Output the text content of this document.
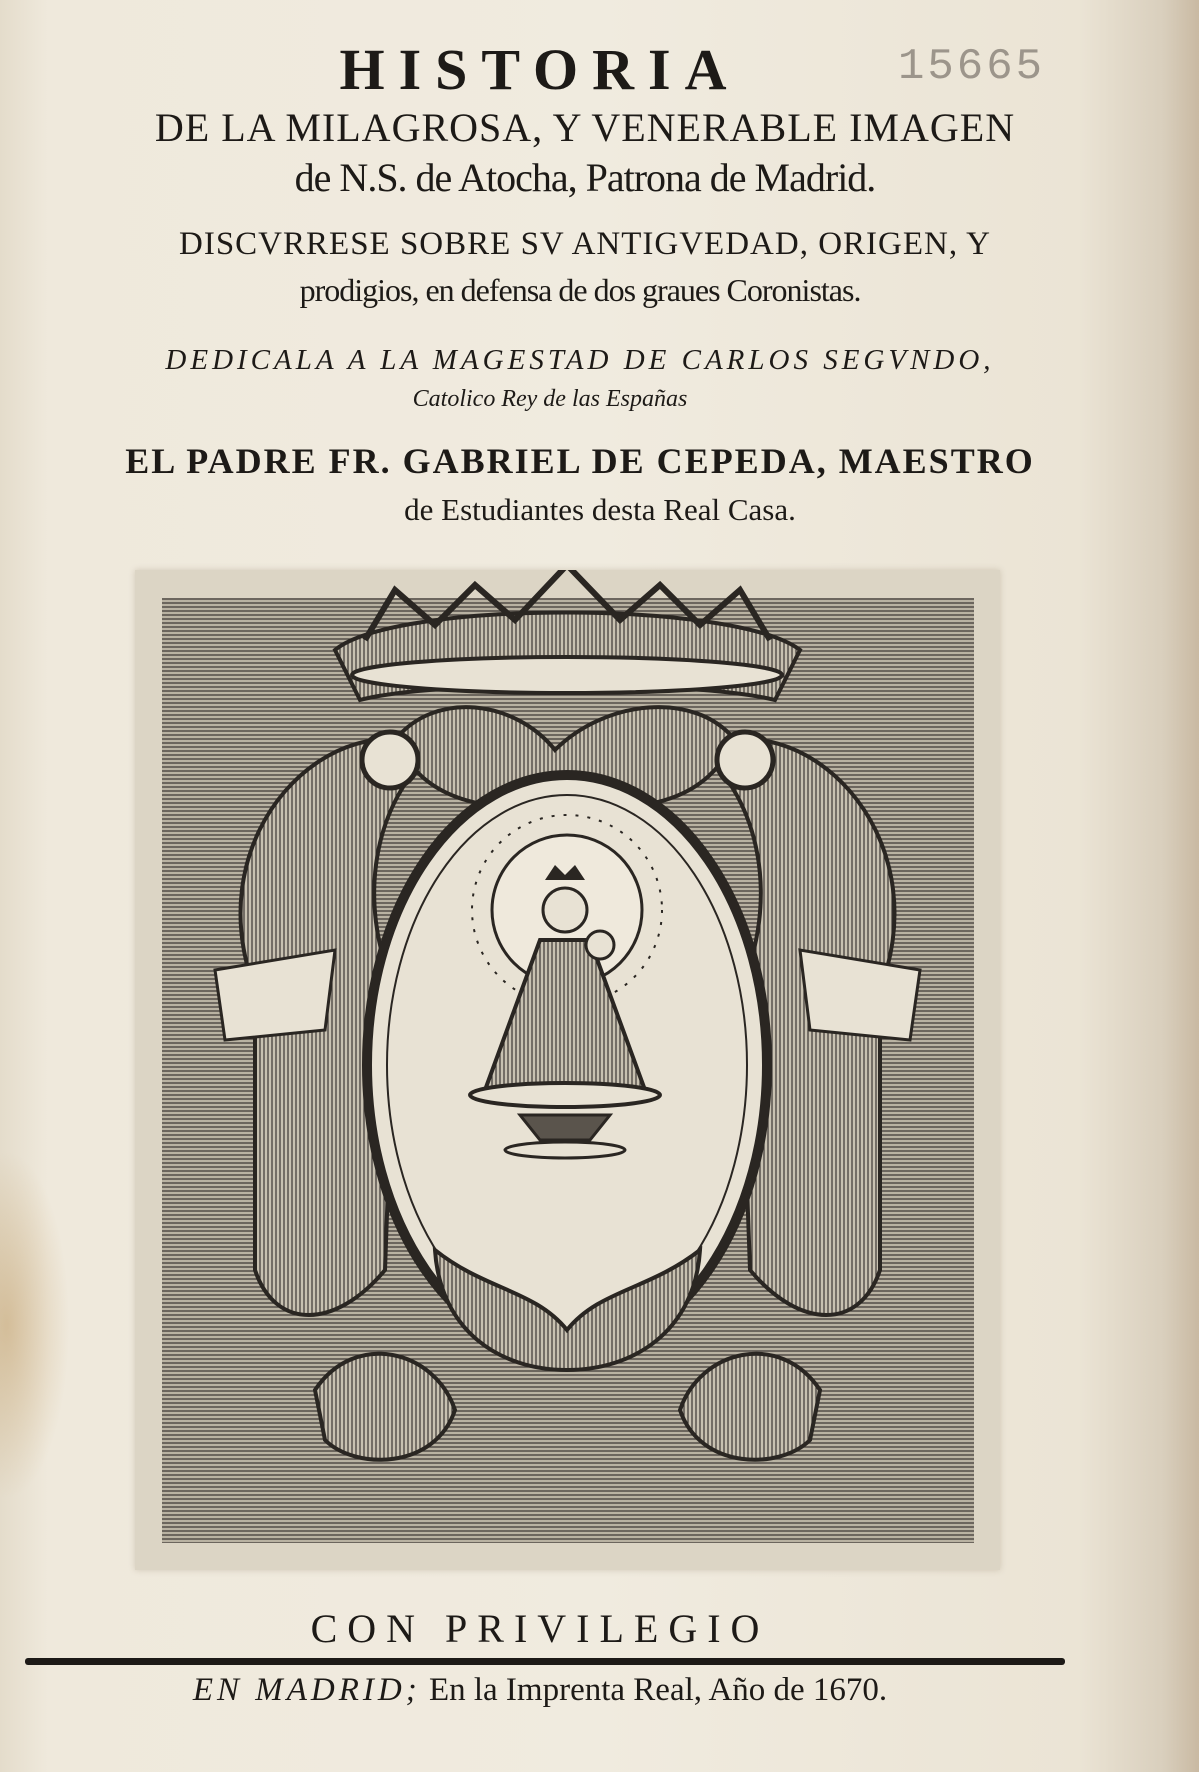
HISTORIA	15665
DE LA MILAGROSA, Y VENERABLE IMAGEN
de N.S. de Atocha, Patrona de Madrid.
DISCVRRESE SOBRE SV ANTIGVEDAD, ORIGEN, Y
prodigios, en defensa de dos graues Coronistas.
DEDICALA A LA MAGESTAD DE CARLOS SEGVNDO,
Catolico Rey de las Españas
EL PADRE FR. GABRIEL DE CEPEDA, MAESTRO
de Estudiantes desta Real Casa.
CON PRIVILEGIO
EN MADRID; En la Imprenta Real, Año de 1670.
